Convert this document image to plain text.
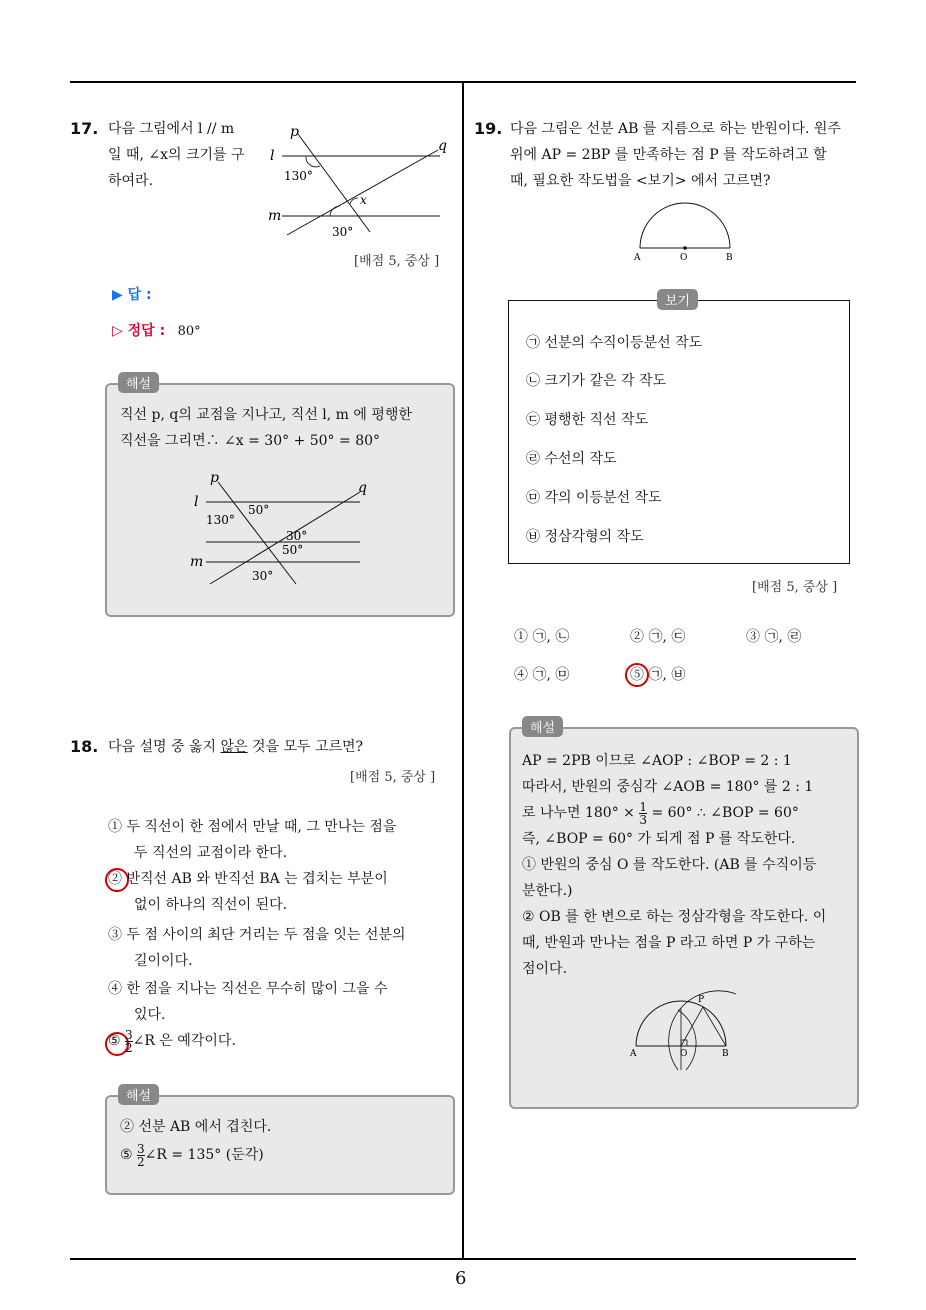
6
17. 다음 그림에서 l // m
일 때, ∠x의 크기를 구
하여라.
p
q
l
m
130°
x
30°
[배점 5, 중상 ]
▶ 답 :
▷ 정답 : 80°
해설
직선 p, q의 교점을 지나고, 직선 l, m 에 평행한
직선을 그리면∴ ∠x = 30° + 50° = 80°
p
q
l
m
130°
50°
30°
50°
30°
18. 다음 설명 중 옳지 않은 것을 모두 고르면?
[배점 5, 중상 ]
① 두 직선이 한 점에서 만날 때, 그 만나는 점을
두 직선의 교점이라 한다.
② 반직선 AB 와 반직선 BA 는 겹치는 부분이
없이 하나의 직선이 된다.
③ 두 점 사이의 최단 거리는 두 점을 잇는 선분의
길이이다.
④ 한 점을 지나는 직선은 무수히 많이 그을 수
있다.
⑤ $\frac{3}{2}$ ∠R 은 예각이다.
해설
② 선분 AB 에서 겹친다.
⑤ $\frac{3}{2}$ ∠R = 135° (둔각)
19. 다음 그림은 선분 AB 를 지름으로 하는 반원이다. 원주
위에 AP = 2BP 를 만족하는 점 P 를 작도하려고 할
때, 필요한 작도법을 <보기> 에서 고르면?
A	O	B
보기
㉠ 선분의 수직이등분선 작도
㉡ 크기가 같은 각 작도
㉢ 평행한 직선 작도
㉣ 수선의 작도
㉤ 각의 이등분선 작도
㉥ 정삼각형의 작도
[배점 5, 중상 ]
① ㉠, ㉡	② ㉠, ㉢	③ ㉠, ㉣
④ ㉠, ㉤	⑤ ㉠, ㉥
해설
AP = 2PB 이므로 ∠AOP : ∠BOP = 2 : 1
따라서, 반원의 중심각 ∠AOB = 180° 를 2 : 1
로 나누면 $180^\circ \times \frac{1}{3} = 60^\circ$ ∴ ∠BOP = 60°
즉, ∠BOP = 60° 가 되게 점 P 를 작도한다.
① 반원의 중심 O 를 작도한다. (AB 를 수직이등
분한다.)
② OB 를 한 변으로 하는 정삼각형을 작도한다. 이
때, 반원과 만나는 점을 P 라고 하면 P 가 구하는
점이다.
P
A	O	B
